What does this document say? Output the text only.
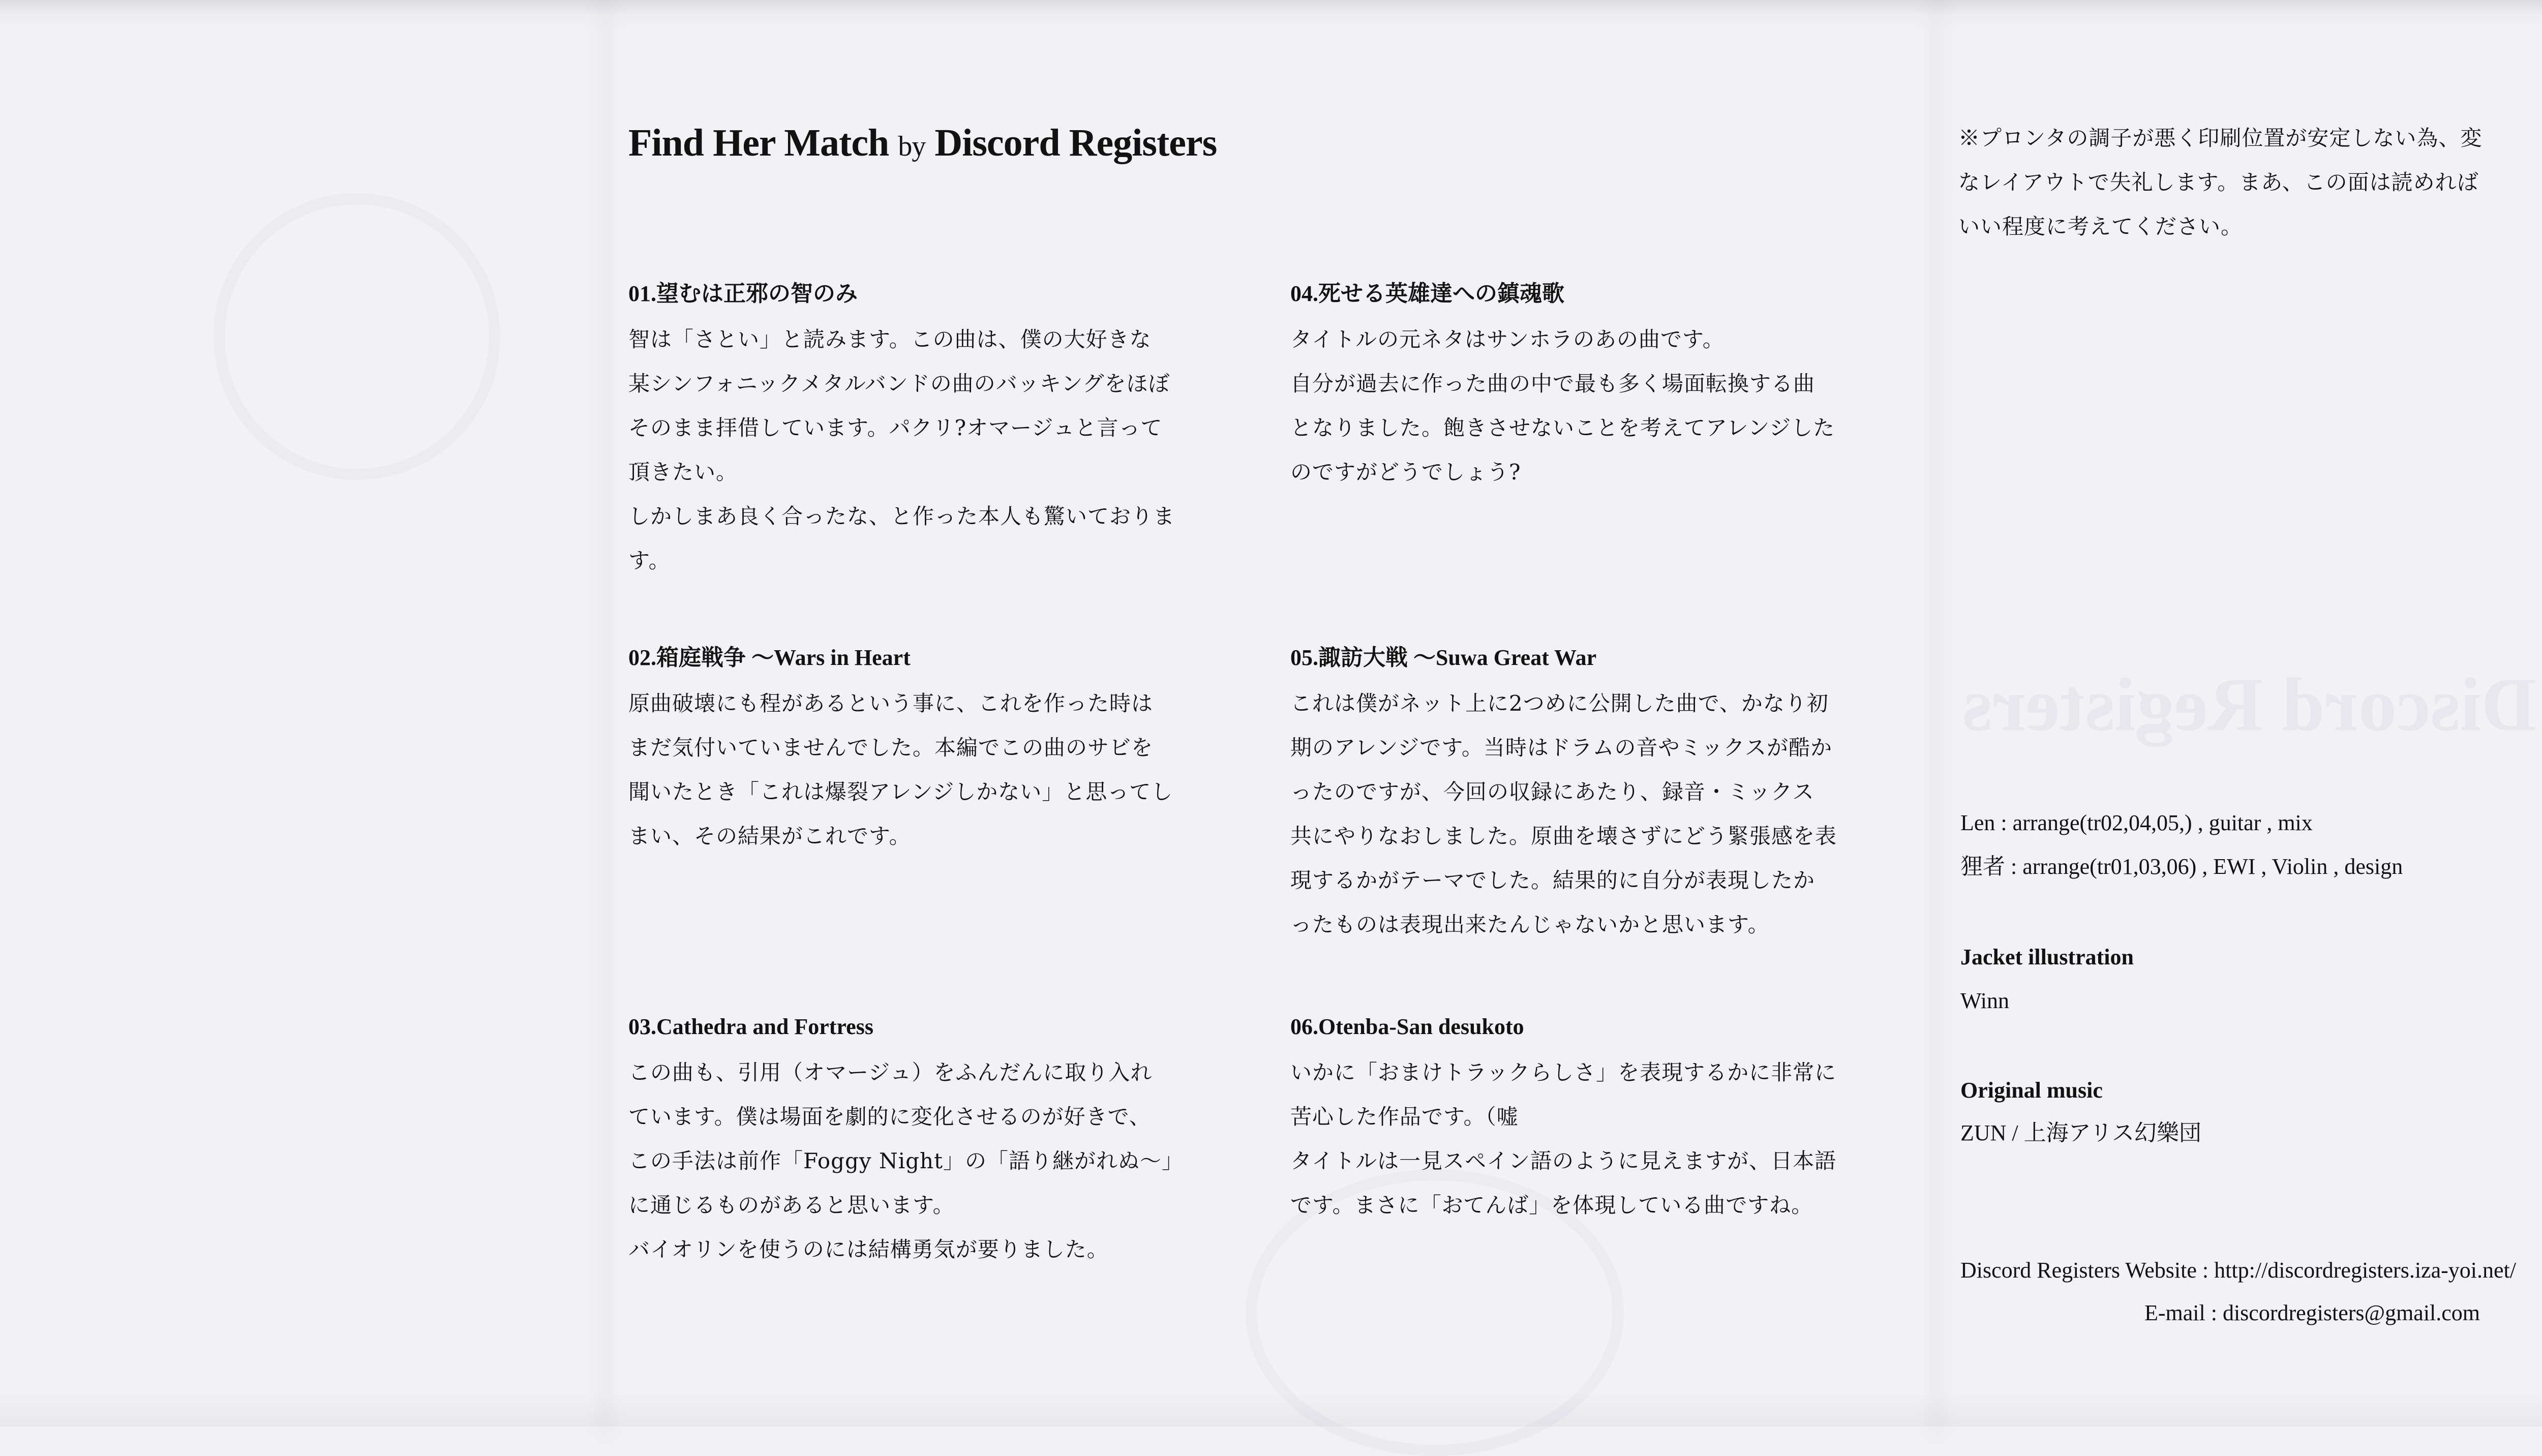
Discord Registers
Find Her Match by Discord Registers
01.望むは正邪の智のみ
智は「さとい」と読みます。この曲は、僕の大好きな
某シンフォニックメタルバンドの曲のバッキングをほぼ
そのまま拝借しています。パクリ?オマージュと言って
頂きたい。
しかしまあ良く合ったな、と作った本人も驚いておりま
す。
02.箱庭戦争 〜Wars in Heart
原曲破壊にも程があるという事に、これを作った時は
まだ気付いていませんでした。本編でこの曲のサビを
聞いたとき「これは爆裂アレンジしかない」と思ってし
まい、その結果がこれです。
03.Cathedra and Fortress
この曲も、引用（オマージュ）をふんだんに取り入れ
ています。僕は場面を劇的に変化させるのが好きで、
この手法は前作「Foggy Night」の「語り継がれぬ〜」
に通じるものがあると思います。
バイオリンを使うのには結構勇気が要りました。
04.死せる英雄達への鎮魂歌
タイトルの元ネタはサンホラのあの曲です。
自分が過去に作った曲の中で最も多く場面転換する曲
となりました。飽きさせないことを考えてアレンジした
のですがどうでしょう?
05.諏訪大戦 〜Suwa Great War
これは僕がネット上に2つめに公開した曲で、かなり初
期のアレンジです。当時はドラムの音やミックスが酷か
ったのですが、今回の収録にあたり、録音・ミックス
共にやりなおしました。原曲を壊さずにどう緊張感を表
現するかがテーマでした。結果的に自分が表現したか
ったものは表現出来たんじゃないかと思います。
06.Otenba-San desukoto
いかに「おまけトラックらしさ」を表現するかに非常に
苦心した作品です。（嘘
タイトルは一見スペイン語のように見えますが、日本語
です。まさに「おてんば」を体現している曲ですね。
※プロンタの調子が悪く印刷位置が安定しない為、変
なレイアウトで失礼します。まあ、この面は読めれば
いい程度に考えてください。
Len : arrange(tr02,04,05,) , guitar , mix
狸者 : arrange(tr01,03,06) , EWI , Violin , design
Jacket illustration
Winn
Original music
ZUN / 上海アリス幻樂団
Discord Registers Website : http://discordregisters.iza-yoi.net/
E-mail : discordregisters@gmail.com
